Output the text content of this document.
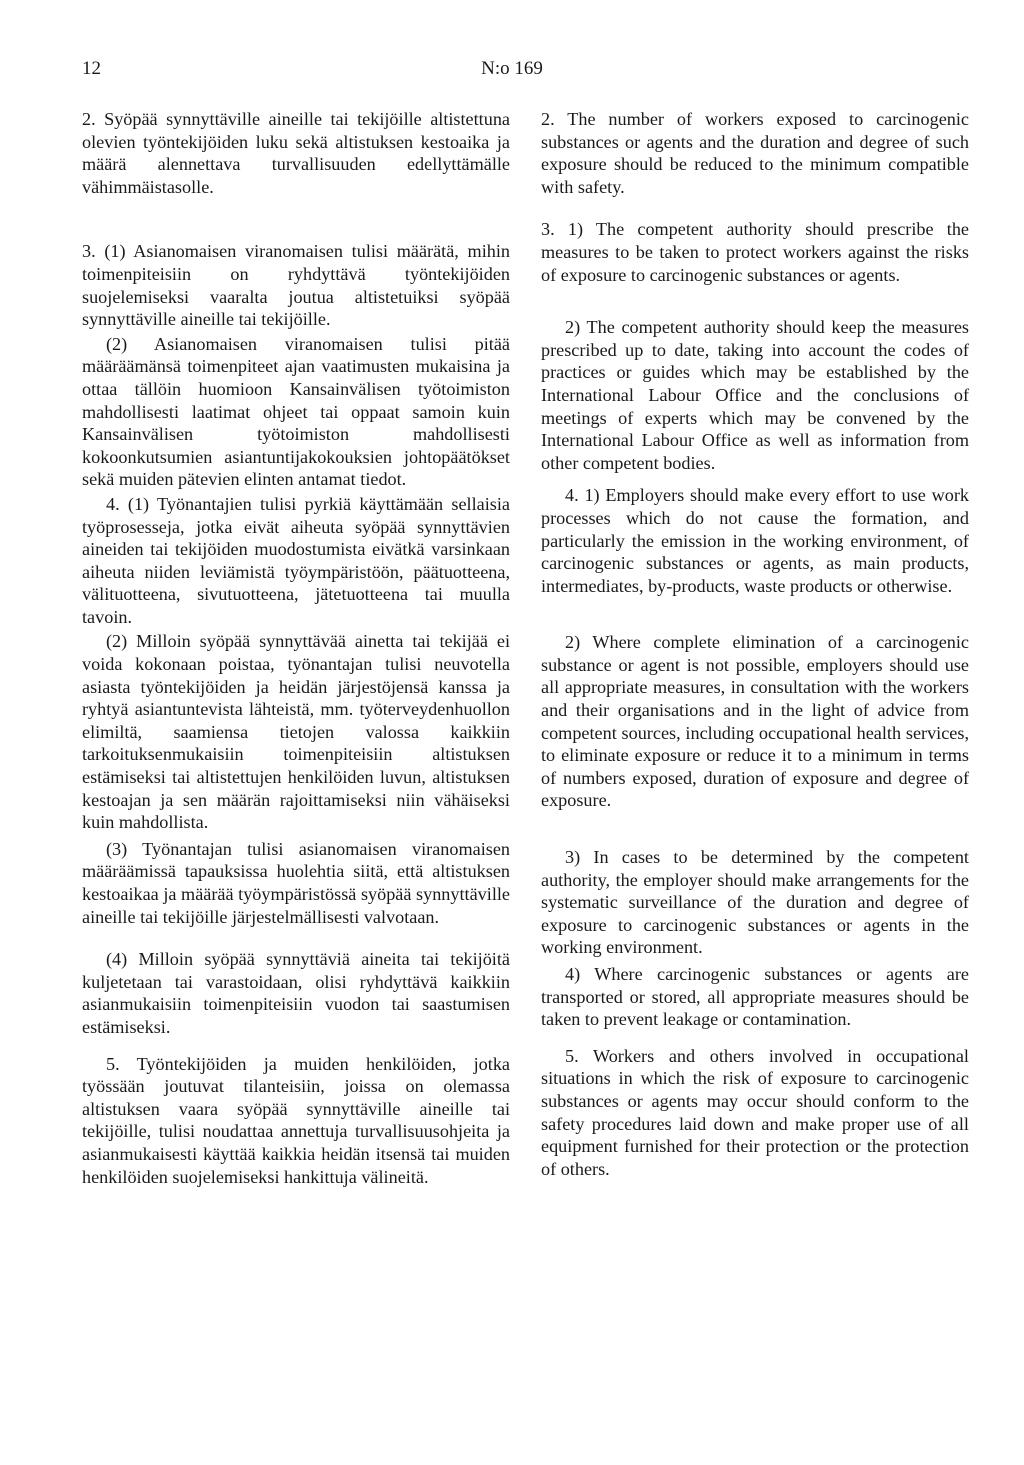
12	N:o 169

2. Syöpää synnyttäville aineille tai tekijöille altistettuna olevien työntekijöiden luku sekä altistuksen kestoaika ja määrä alennettava turvallisuuden edellyttämälle vähimmäistasolle.

3. (1) Asianomaisen viranomaisen tulisi määrätä, mihin toimenpiteisiin on ryhdyttävä työntekijöiden suojelemiseksi vaaralta joutua altistetuiksi syöpää synnyttäville aineille tai tekijöille.

(2) Asianomaisen viranomaisen tulisi pitää määräämänsä toimenpiteet ajan vaatimusten mukaisina ja ottaa tällöin huomioon Kansainvälisen työtoimiston mahdollisesti laatimat ohjeet tai oppaat samoin kuin Kansainvälisen työtoimiston mahdollisesti kokoonkutsumien asiantuntijakokouksien johtopäätökset sekä muiden pätevien elinten antamat tiedot.

4. (1) Työnantajien tulisi pyrkiä käyttämään sellaisia työprosesseja, jotka eivät aiheuta syöpää synnyttävien aineiden tai tekijöiden muodostumista eivätkä varsinkaan aiheuta niiden leviämistä työympäristöön, päätuotteena, välituotteena, sivutuotteena, jätetuotteena tai muulla tavoin.

(2) Milloin syöpää synnyttävää ainetta tai tekijää ei voida kokonaan poistaa, työnantajan tulisi neuvotella asiasta työntekijöiden ja heidän järjestöjensä kanssa ja ryhtyä asiantuntevista lähteistä, mm. työterveydenhuollon elimiltä, saamiensa tietojen valossa kaikkiin tarkoituksenmukaisiin toimenpiteisiin altistuksen estämiseksi tai altistettujen henkilöiden luvun, altistuksen kestoajan ja sen määrän rajoittamiseksi niin vähäiseksi kuin mahdollista.

(3) Työnantajan tulisi asianomaisen viranomaisen määräämissä tapauksissa huolehtia siitä, että altistuksen kestoaikaa ja määrää työympäristössä syöpää synnyttäville aineille tai tekijöille järjestelmällisesti valvotaan.

(4) Milloin syöpää synnyttäviä aineita tai tekijöitä kuljetetaan tai varastoidaan, olisi ryhdyttävä kaikkiin asianmukaisiin toimenpiteisiin vuodon tai saastumisen estämiseksi.

5. Työntekijöiden ja muiden henkilöiden, jotka työssään joutuvat tilanteisiin, joissa on olemassa altistuksen vaara syöpää synnyttäville aineille tai tekijöille, tulisi noudattaa annettuja turvallisuusohjeita ja asianmukaisesti käyttää kaikkia heidän itsensä tai muiden henkilöiden suojelemiseksi hankittuja välineitä.

2. The number of workers exposed to carcinogenic substances or agents and the duration and degree of such exposure should be reduced to the minimum compatible with safety.

3. 1) The competent authority should prescribe the measures to be taken to protect workers against the risks of exposure to carcinogenic substances or agents.

2) The competent authority should keep the measures prescribed up to date, taking into account the codes of practices or guides which may be established by the International Labour Office and the conclusions of meetings of experts which may be convened by the International Labour Office as well as information from other competent bodies.

4. 1) Employers should make every effort to use work processes which do not cause the formation, and particularly the emission in the working environment, of carcinogenic substances or agents, as main products, intermediates, by-products, waste products or otherwise.

2) Where complete elimination of a carcinogenic substance or agent is not possible, employers should use all appropriate measures, in consultation with the workers and their organisations and in the light of advice from competent sources, including occupational health services, to eliminate exposure or reduce it to a minimum in terms of numbers exposed, duration of exposure and degree of exposure.

3) In cases to be determined by the competent authority, the employer should make arrangements for the systematic surveillance of the duration and degree of exposure to carcinogenic substances or agents in the working environment.

4) Where carcinogenic substances or agents are transported or stored, all appropriate measures should be taken to prevent leakage or contamination.

5. Workers and others involved in occupational situations in which the risk of exposure to carcinogenic substances or agents may occur should conform to the safety procedures laid down and make proper use of all equipment furnished for their protection or the protection of others.
